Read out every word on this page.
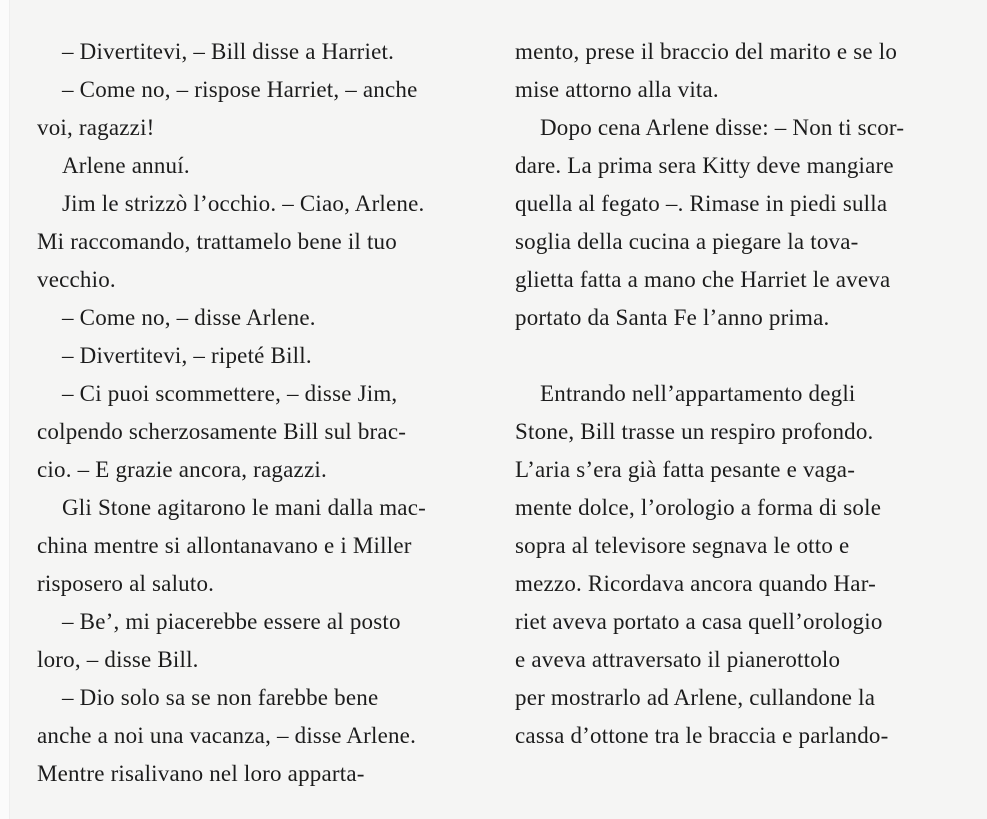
– Divertitevi, – Bill disse a Harriet.
– Come no, – rispose Harriet, – anche
voi, ragazzi!
Arlene annuí.
Jim le strizzò l’occhio. – Ciao, Arlene.
Mi raccomando, trattamelo bene il tuo
vecchio.
– Come no, – disse Arlene.
– Divertitevi, – ripeté Bill.
– Ci puoi scommettere, – disse Jim,
colpendo scherzosamente Bill sul brac-
cio. – E grazie ancora, ragazzi.
Gli Stone agitarono le mani dalla mac-
china mentre si allontanavano e i Miller
risposero al saluto.
– Be’, mi piacerebbe essere al posto
loro, – disse Bill.
– Dio solo sa se non farebbe bene
anche a noi una vacanza, – disse Arlene.
Mentre risalivano nel loro apparta-
mento, prese il braccio del marito e se lo
mise attorno alla vita.
Dopo cena Arlene disse: – Non ti scor-
dare. La prima sera Kitty deve mangiare
quella al fegato –. Rimase in piedi sulla
soglia della cucina a piegare la tova-
glietta fatta a mano che Harriet le aveva
portato da Santa Fe l’anno prima.
Entrando nell’appartamento degli
Stone, Bill trasse un respiro profondo.
L’aria s’era già fatta pesante e vaga-
mente dolce, l’orologio a forma di sole
sopra al televisore segnava le otto e
mezzo. Ricordava ancora quando Har-
riet aveva portato a casa quell’orologio
e aveva attraversato il pianerottolo
per mostrarlo ad Arlene, cullandone la
cassa d’ottone tra le braccia e parlando-
